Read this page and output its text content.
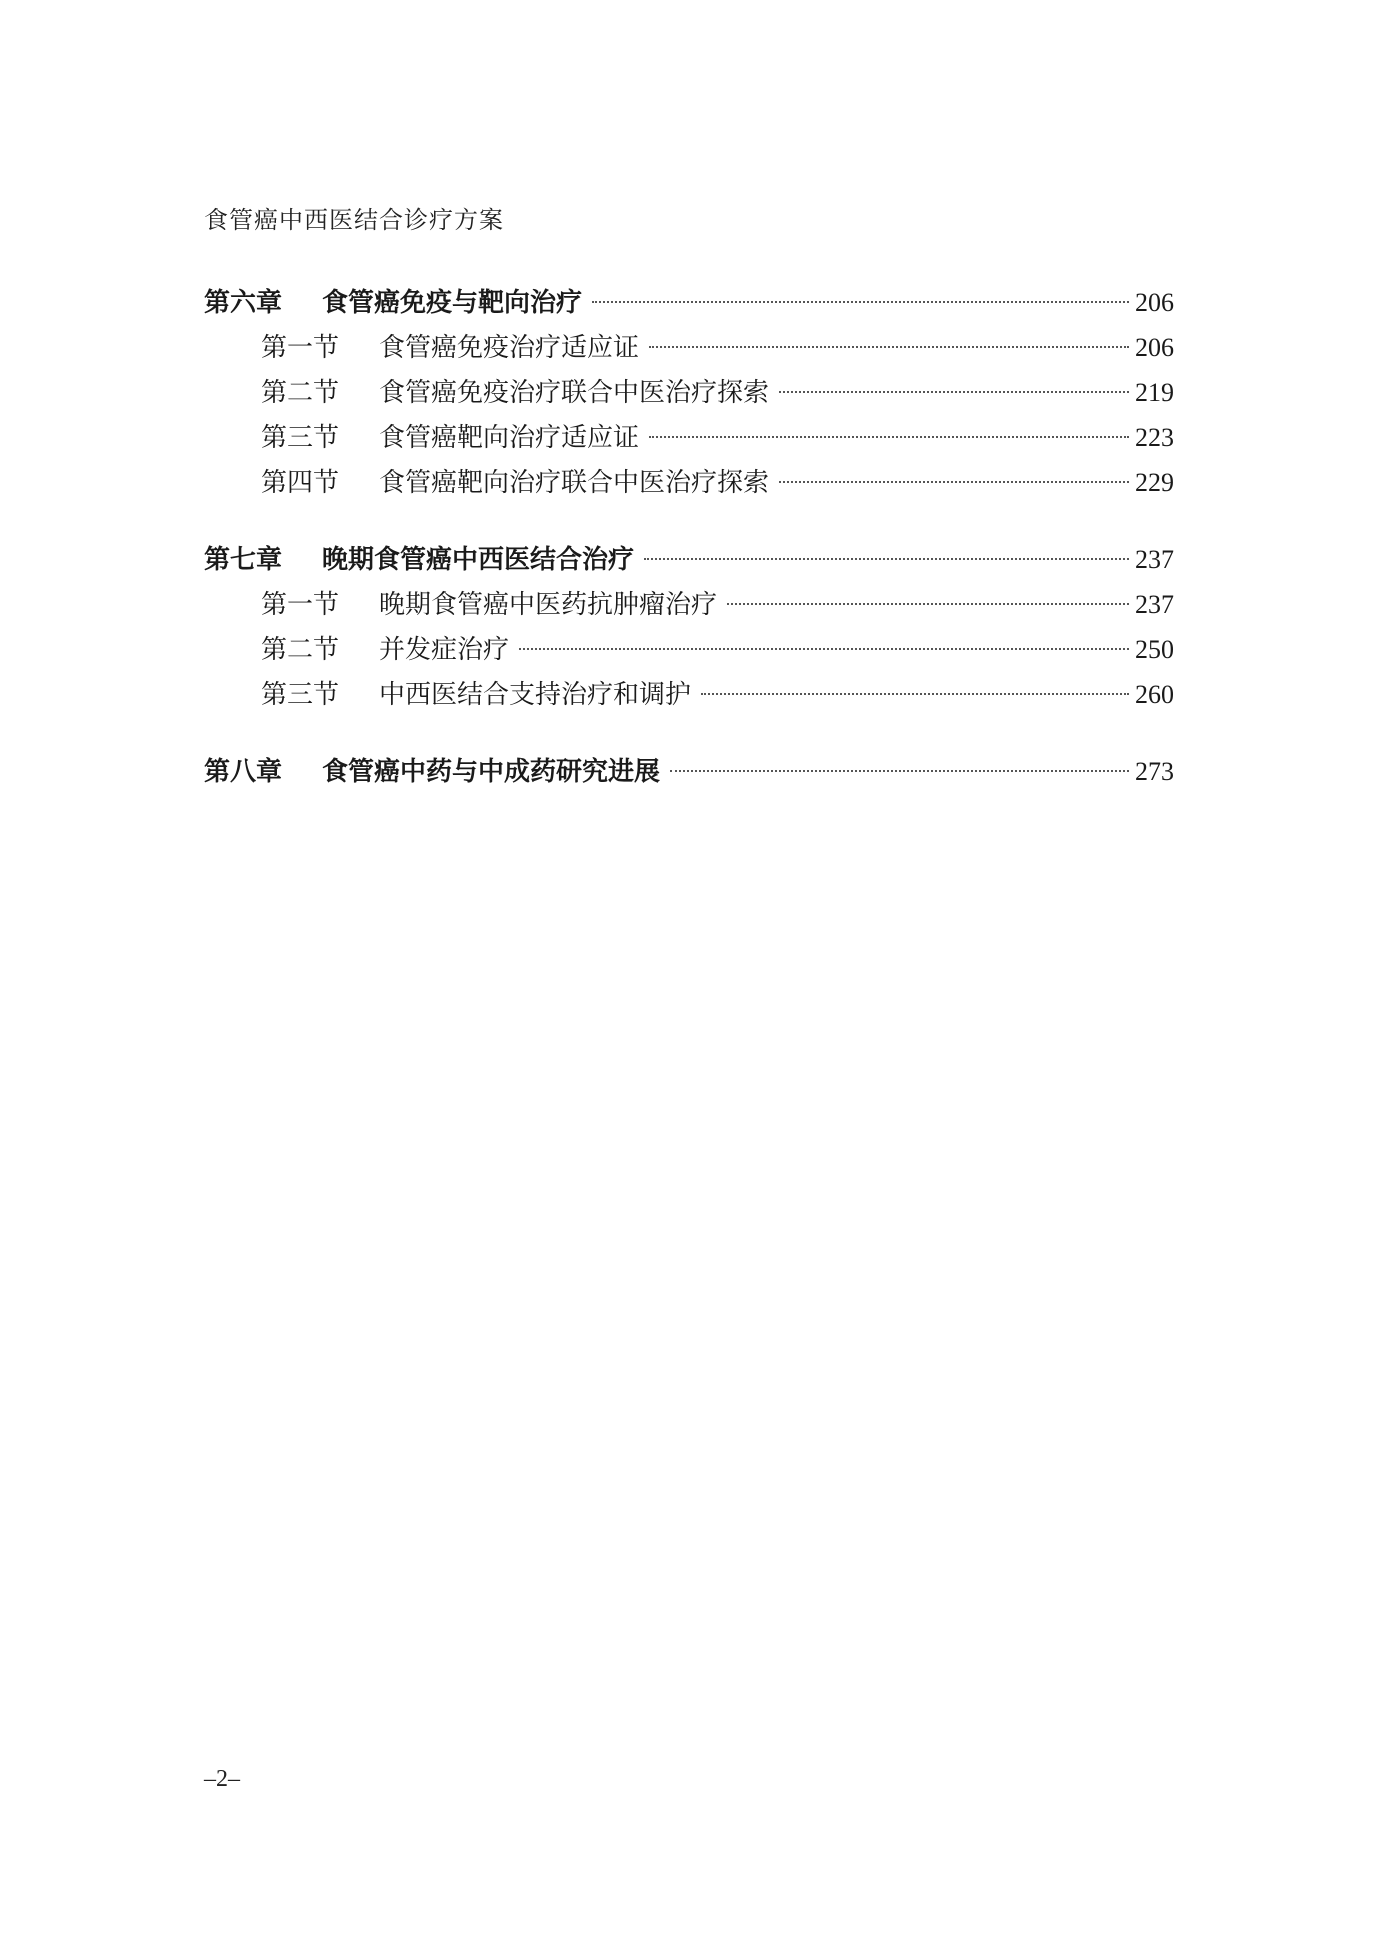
食管癌中西医结合诊疗方案
第六章	食管癌免疫与靶向治疗	206
第一节	食管癌免疫治疗适应证	206
第二节	食管癌免疫治疗联合中医治疗探索	219
第三节	食管癌靶向治疗适应证	223
第四节	食管癌靶向治疗联合中医治疗探索	229
第七章	晚期食管癌中西医结合治疗	237
第一节	晚期食管癌中医药抗肿瘤治疗	237
第二节	并发症治疗	250
第三节	中西医结合支持治疗和调护	260
第八章	食管癌中药与中成药研究进展	273
–2–
